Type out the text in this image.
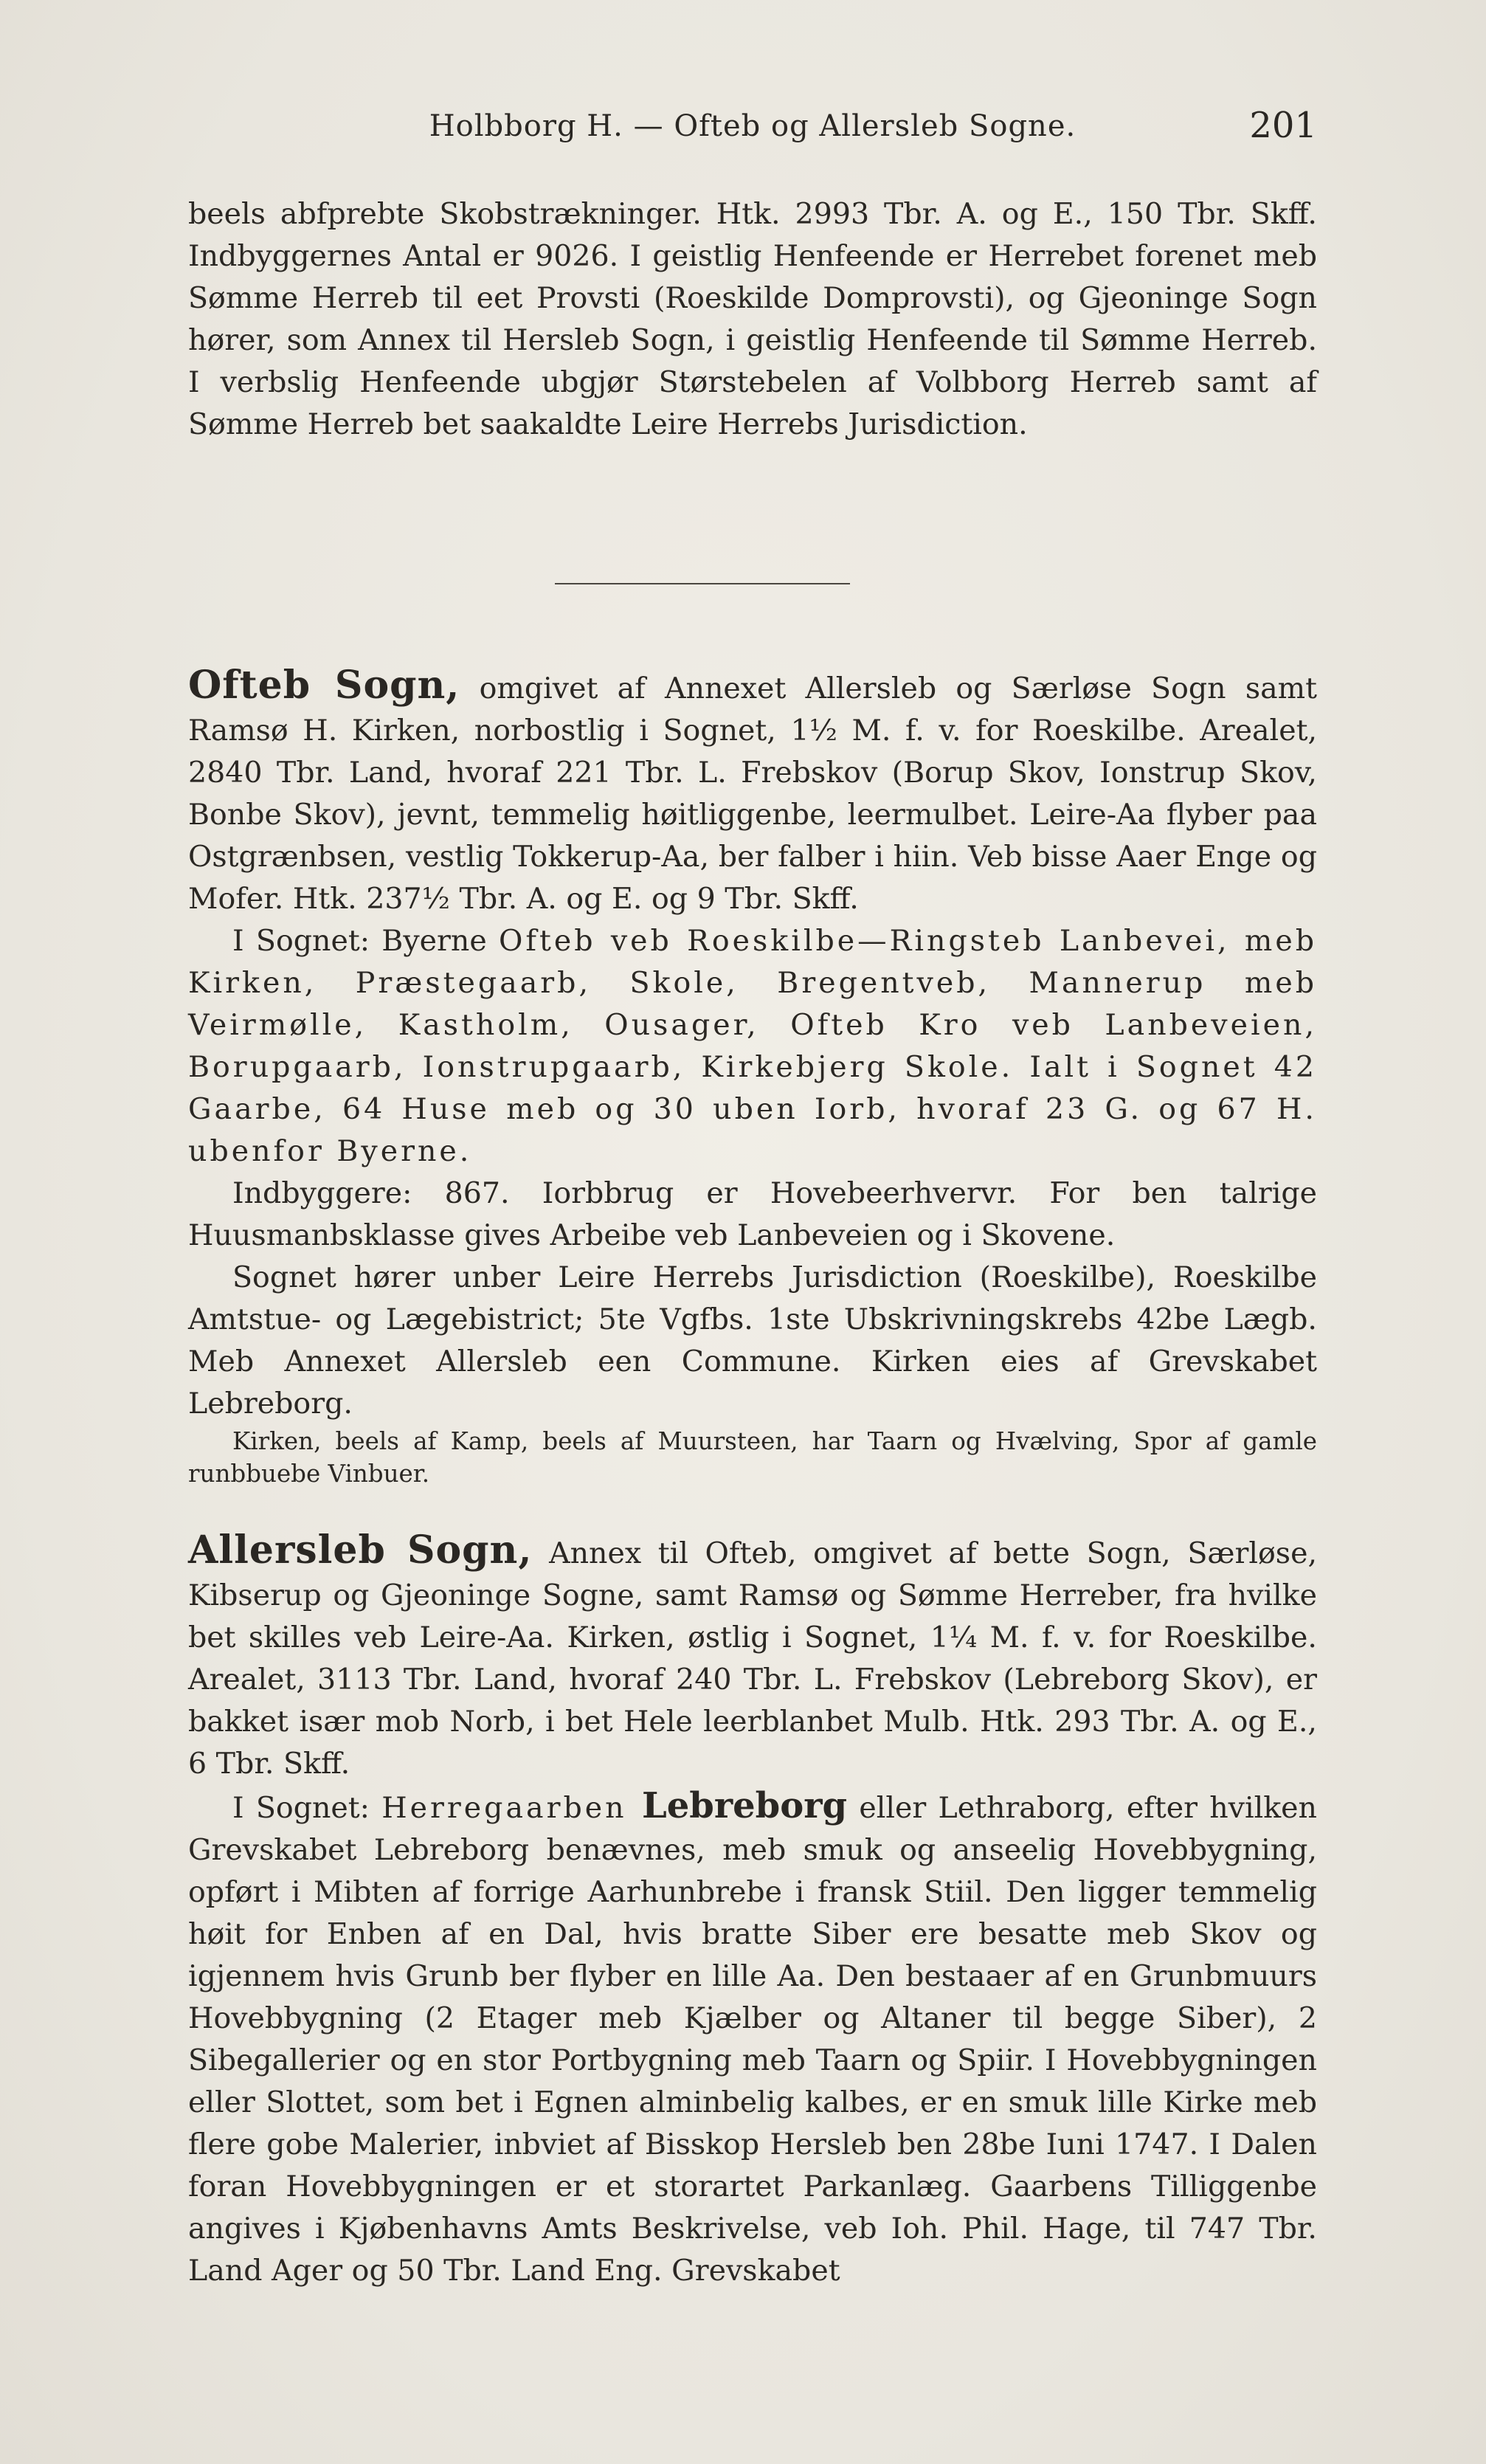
Holbborg H. — Ofteb og Allersleb Sogne.	201

beels abfprebte Skobstrækninger. Htk. 2993 Tbr. A. og E., 150 Tbr. Skff. Indbyggernes Antal er 9026. I geistlig Henfeende er Herrebet forenet meb Sømme Herreb til eet Provsti (Roeskilde Domprovsti), og Gjeoninge Sogn hører, som Annex til Hersleb Sogn, i geistlig Henfeende til Sømme Herreb. I verbslig Henfeende ubgjør Størstebelen af Volbborg Herreb samt af Sømme Herreb bet saakaldte Leire Herrebs Jurisdiction.

Ofteb Sogn, omgivet af Annexet Allersleb og Særløse Sogn samt Ramsø H. Kirken, norbostlig i Sognet, 1½ M. f. v. for Roeskilbe. Arealet, 2840 Tbr. Land, hvoraf 221 Tbr. L. Frebskov (Borup Skov, Ionstrup Skov, Bonbe Skov), jevnt, temmelig høitliggenbe, leermulbet. Leire-Aa flyber paa Ostgrænbsen, vestlig Tokkerup-Aa, ber falber i hiin. Veb bisse Aaer Enge og Mofer. Htk. 237½ Tbr. A. og E. og 9 Tbr. Skff.

I Sognet: Byerne Ofteb veb Roeskilbe—Ringsteb Lanbevei, meb Kirken, Præstegaarb, Skole, Bregentveb, Mannerup meb Veirmølle, Kastholm, Ousager, Ofteb Kro veb Lanbeveien, Borupgaarb, Ionstrupgaarb, Kirkebjerg Skole. Ialt i Sognet 42 Gaarbe, 64 Huse meb og 30 uben Iorb, hvoraf 23 G. og 67 H. ubenfor Byerne.

Indbyggere: 867. Iorbbrug er Hovebeerhvervr. For ben talrige Huusmanbsklasse gives Arbeibe veb Lanbeveien og i Skovene.

Sognet hører unber Leire Herrebs Jurisdiction (Roeskilbe), Roeskilbe Amtstue- og Lægebistrict; 5te Vgfbs. 1ste Ubskrivningskrebs 42be Lægb. Meb Annexet Allersleb een Commune. Kirken eies af Grevskabet Lebreborg.

Kirken, beels af Kamp, beels af Muursteen, har Taarn og Hvælving, Spor af gamle runbbuebe Vinbuer.

Allersleb Sogn, Annex til Ofteb, omgivet af bette Sogn, Særløse, Kibserup og Gjeoninge Sogne, samt Ramsø og Sømme Herreber, fra hvilke bet skilles veb Leire-Aa. Kirken, østlig i Sognet, 1¼ M. f. v. for Roeskilbe. Arealet, 3113 Tbr. Land, hvoraf 240 Tbr. L. Frebskov (Lebreborg Skov), er bakket især mob Norb, i bet Hele leerblanbet Mulb. Htk. 293 Tbr. A. og E., 6 Tbr. Skff.

I Sognet: Herregaarben Lebreborg eller Lethraborg, efter hvilken Grevskabet Lebreborg benævnes, meb smuk og anseelig Hovebbygning, opført i Mibten af forrige Aarhunbrebe i fransk Stiil. Den ligger temmelig høit for Enben af en Dal, hvis bratte Siber ere besatte meb Skov og igjennem hvis Grunb ber flyber en lille Aa. Den bestaaer af en Grunbmuurs Hovebbygning (2 Etager meb Kjælber og Altaner til begge Siber), 2 Sibegallerier og en stor Portbygning meb Taarn og Spiir. I Hovebbygningen eller Slottet, som bet i Egnen alminbelig kalbes, er en smuk lille Kirke meb flere gobe Malerier, inbviet af Bisskop Hersleb ben 28be Iuni 1747. I Dalen foran Hovebbygningen er et storartet Parkanlæg. Gaarbens Tilliggenbe angives i Kjøbenhavns Amts Beskrivelse, veb Ioh. Phil. Hage, til 747 Tbr. Land Ager og 50 Tbr. Land Eng. Grevskabet
